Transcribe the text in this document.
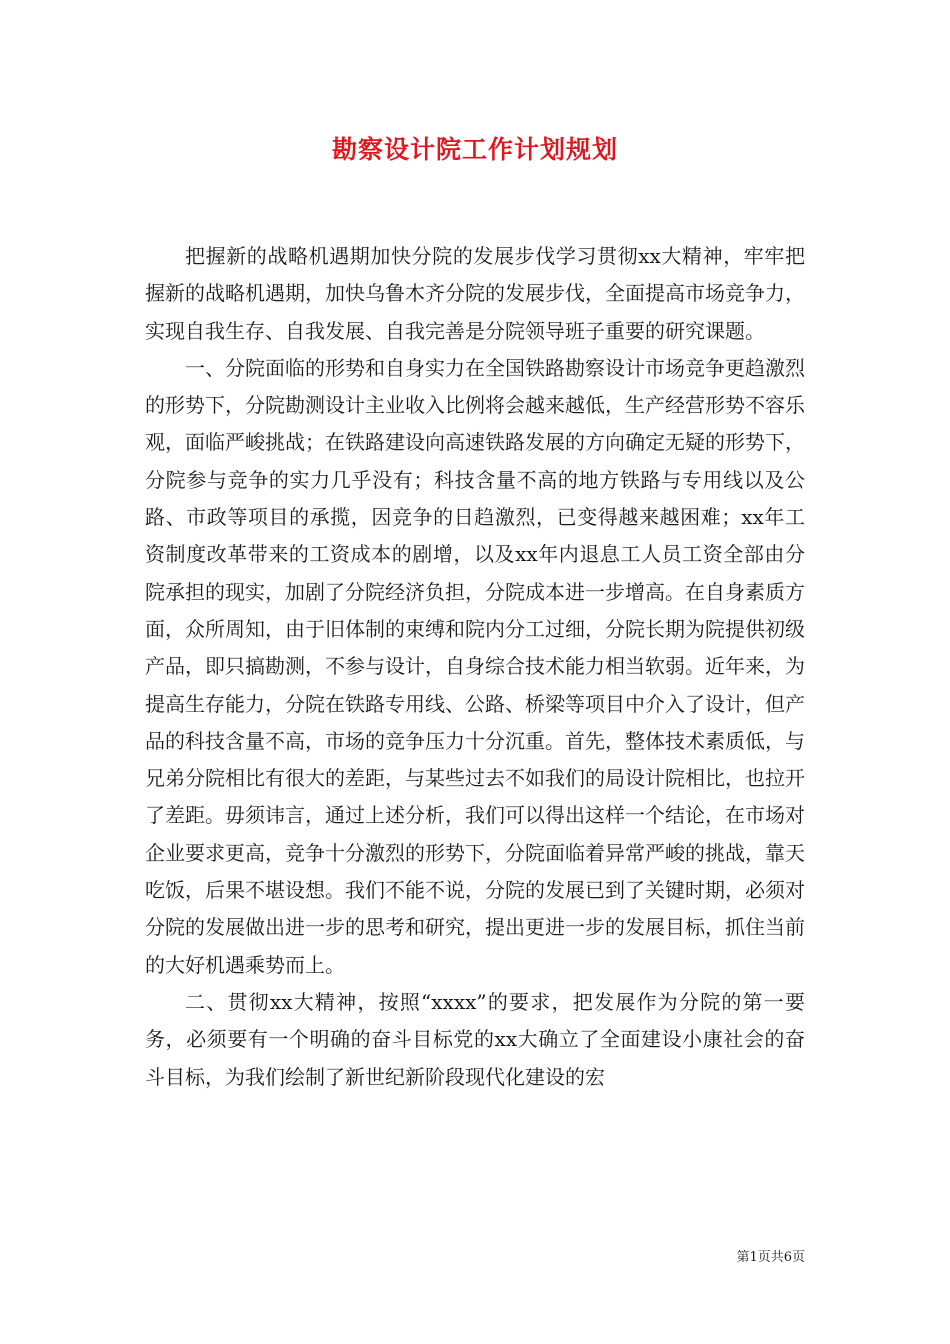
勘察设计院工作计划规划

把握新的战略机遇期加快分院的发展步伐学习贯彻xx大精神，牢牢把握新的战略机遇期，加快乌鲁木齐分院的发展步伐，全面提高市场竞争力，实现自我生存、自我发展、自我完善是分院领导班子重要的研究课题。

一、分院面临的形势和自身实力在全国铁路勘察设计市场竞争更趋激烈的形势下，分院勘测设计主业收入比例将会越来越低，生产经营形势不容乐观，面临严峻挑战；在铁路建设向高速铁路发展的方向确定无疑的形势下，分院参与竞争的实力几乎没有；科技含量不高的地方铁路与专用线以及公路、市政等项目的承揽，因竞争的日趋激烈，已变得越来越困难；xx年工资制度改革带来的工资成本的剧增，以及xx年内退息工人员工资全部由分院承担的现实，加剧了分院经济负担，分院成本进一步增高。在自身素质方面，众所周知，由于旧体制的束缚和院内分工过细，分院长期为院提供初级产品，即只搞勘测，不参与设计，自身综合技术能力相当软弱。近年来，为提高生存能力，分院在铁路专用线、公路、桥梁等项目中介入了设计，但产品的科技含量不高，市场的竞争压力十分沉重。首先，整体技术素质低，与兄弟分院相比有很大的差距，与某些过去不如我们的局设计院相比，也拉开了差距。毋须讳言，通过上述分析，我们可以得出这样一个结论，在市场对企业要求更高，竞争十分激烈的形势下，分院面临着异常严峻的挑战，靠天吃饭，后果不堪设想。我们不能不说，分院的发展已到了关键时期，必须对分院的发展做出进一步的思考和研究，提出更进一步的发展目标，抓住当前的大好机遇乘势而上。

二、贯彻xx大精神，按照“xxxx”的要求，把发展作为分院的第一要务，必须要有一个明确的奋斗目标党的xx大确立了全面建设小康社会的奋斗目标，为我们绘制了新世纪新阶段现代化建设的宏

第1页共6页
